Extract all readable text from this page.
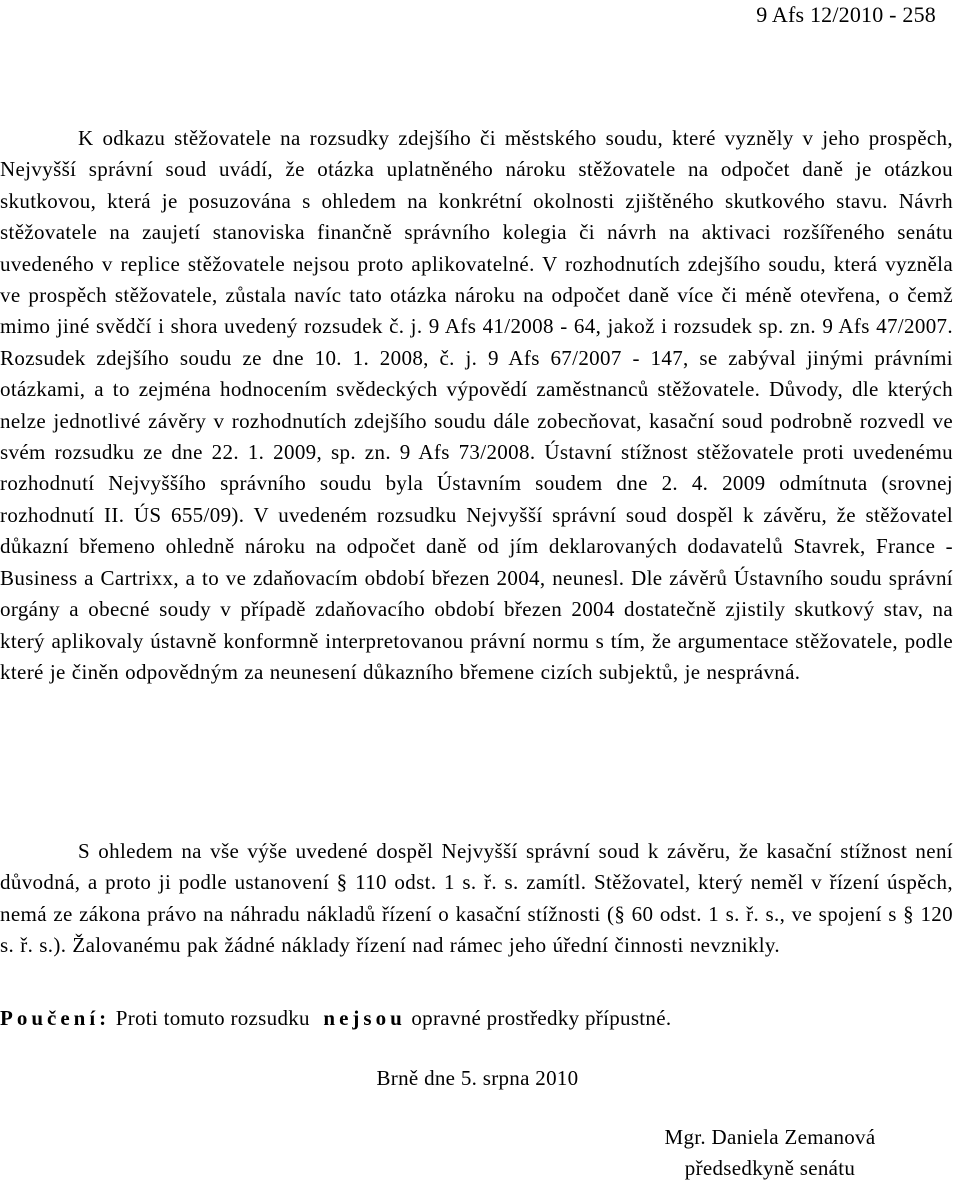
9 Afs 12/2010 - 258

K odkazu stěžovatele na rozsudky zdejšího či městského soudu, které vyzněly v jeho prospěch, Nejvyšší správní soud uvádí, že otázka uplatněného nároku stěžovatele na odpočet daně je otázkou skutkovou, která je posuzována s ohledem na konkrétní okolnosti zjištěného skutkového stavu. Návrh stěžovatele na zaujetí stanoviska finančně správního kolegia či návrh na aktivaci rozšířeného senátu uvedeného v replice stěžovatele nejsou proto aplikovatelné. V rozhodnutích zdejšího soudu, která vyzněla ve prospěch stěžovatele, zůstala navíc tato otázka nároku na odpočet daně více či méně otevřena, o čemž mimo jiné svědčí i shora uvedený rozsudek č. j. 9 Afs 41/2008 - 64, jakož i rozsudek sp. zn. 9 Afs 47/2007. Rozsudek zdejšího soudu ze dne 10. 1. 2008, č. j. 9 Afs 67/2007 - 147, se zabýval jinými právními otázkami, a to zejména hodnocením svědeckých výpovědí zaměstnanců stěžovatele. Důvody, dle kterých nelze jednotlivé závěry v rozhodnutích zdejšího soudu dále zobecňovat, kasační soud podrobně rozvedl ve svém rozsudku ze dne 22. 1. 2009, sp. zn. 9 Afs 73/2008. Ústavní stížnost stěžovatele proti uvedenému rozhodnutí Nejvyššího správního soudu byla Ústavním soudem dne 2. 4. 2009 odmítnuta (srovnej rozhodnutí II. ÚS 655/09). V uvedeném rozsudku Nejvyšší správní soud dospěl k závěru, že stěžovatel důkazní břemeno ohledně nároku na odpočet daně od jím deklarovaných dodavatelů Stavrek, France - Business a Cartrixx, a to ve zdaňovacím období březen 2004, neunesl. Dle závěrů Ústavního soudu správní orgány a obecné soudy v případě zdaňovacího období březen 2004 dostatečně zjistily skutkový stav, na který aplikovaly ústavně konformně interpretovanou právní normu s tím, že argumentace stěžovatele, podle které je činěn odpovědným za neunesení důkazního břemene cizích subjektů, je nesprávná.

S ohledem na vše výše uvedené dospěl Nejvyšší správní soud k závěru, že kasační stížnost není důvodná, a proto ji podle ustanovení § 110 odst. 1 s. ř. s. zamítl. Stěžovatel, který neměl v řízení úspěch, nemá ze zákona právo na náhradu nákladů řízení o kasační stížnosti (§ 60 odst. 1 s. ř. s., ve spojení s § 120 s. ř. s.). Žalovanému pak žádné náklady řízení nad rámec jeho úřední činnosti nevznikly.

Poučení: Proti tomuto rozsudku nejsou opravné prostředky přípustné.
Brně dne 5. srpna 2010
Mgr. Daniela Zemanová
předsedkyně senátu
